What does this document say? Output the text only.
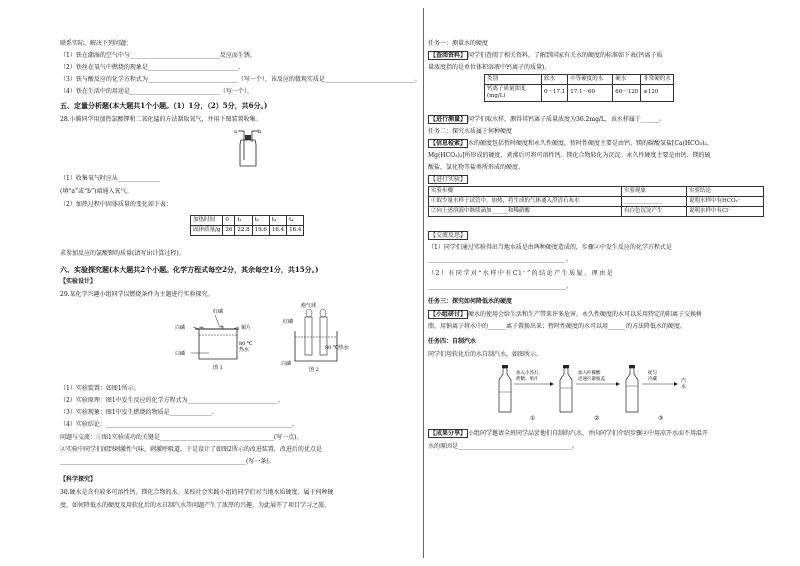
联系实际，解决下列问题：
（1）铁在潮湿的空气中与______________________________反应而生锈。
（2）铁丝在氧气中燃烧的现象是______________________________。
（3）铁与酸反应的化学方程式为______________________________（写一个），该反应的微观实质是______________________________。
（4）铁在生活中的用途是______________________________（写一个）。
五、定量分析题(本大题共1个小题。（1）1分，（2）5分，共6分。)
28.小腾同学用加热氯酸钾和二氧化锰的方法制取氧气，并用下图装置收集。
a	b
（1）收集氧气时应从______________
(填“a”或“b”)端通入氧气。
（2）加热过程中固体质量的变化如下表：
加热时间	0	t₁	t₂	t₃	t₄
固体质量/g	26	22.8	19.6	16.4	16.4
求参加反应的氯酸钾的质量(请写出计算过程)。
六、实验探究题(本大题共2个小题。化学方程式每空2分，其余每空1分，共15分。)
【实验设计】
29.某化学兴趣小组同学以燃烧条件为主题进行实验探究。
白磷
红磷
铜片
80 ℃热水
白磷
图 1
瘪气球
红磷
80 ℃热水
白磷
图 2
（1）实验装置：如图1所示。
（2）实验原理：图1中发生反应的化学方程式为______________________________。
（3）实验现象：图1中发生燃烧的物质是______________。
（4）实验结论：______________________________________________________________。
问题与交流：①图1实验成功的关键是______________________________________(写一点)。
②实验中同学们闻到刺激性气味，刺激呼吸道，于是设计了如图2所示的改进装置，改进后的优点是
______________________________________________________________(写一条)。
【科学探究】
30.硬水是含有较多可溶性钙、镁化合物的水。某校社会实践小组的同学们对当地水质硬度、属于何种硬
度，如何降低水的硬度及用软化后的水自制汽水等问题产生了浓厚的兴趣，为此展开了项目学习之旅。
任务一：测量水的硬度
【查阅资料】 同学们查阅了相关资料，了解到国家有关水的硬度的标准如下表(钙离子质
量浓度指的是单位体积溶液中钙离子的质量)。
类别	软水	中等硬度的水	硬水	非常硬的水
钙离子质量浓度(mg/L)	0～17.1	17.1～60	60～120	≥120
【进行测量】 同学们取水样，测得其钙离子质量浓度为36.2mg/L，该水样属于______。
任务二：探究水质属于何种硬度
【信息检索】 水的硬度包括暂时硬度和永久性硬度。暂时性硬度主要是由钙、镁的碳酸氢盐[Ca(HCO₃)₂、
Mg(HCO₃)₂]所形成的硬度，煮沸后可将可溶性钙、镁化合物转化为沉淀；永久性硬度主要是由钙、镁的硫
酸盐，氯化物等盐类所形成的硬度。
【进行实验】
实验步骤	实验现象	实验结论
①取少量水样于试管中，加热，将生成的气体通入澄清石灰水	______________	说明水样中有HCO₃⁻
②向上述溶液中继续滴加______和稀硝酸	有白色沉淀产生	说明水样中有Cl⁻
【交流反思】
（1）同学们通过实验得出当地水质是由两种硬度造成的，步骤②中发生反应的化学方程式是
______________________________________________。
（2）有同学对“水样中有Cl⁻”的结论产生质疑，理由是
______________________________________________。
任务三：探究如何降低水的硬度
【小组研讨】 硬水的使用会给生活和生产带来许多危害。永久性硬度的水可以采用特定的阳离子交换树
脂，用钠离子将水中的______离子置换出来；暂时性硬度的水可以用______的方法降低水的硬度。
任务四：自制汽水
同学们用软化后的水自制汽水，如图所示。
加入小苏打、蔗糖、果汁
①
加入柠檬酸迅速拧紧瓶盖
②
摇匀冷藏	汽水
③
【成果分享】 小组同学邀请全班同学品尝他们自制的汽水，并向同学们介绍步骤②中用凉开水而不用温开
水的原因是______________________________________。
